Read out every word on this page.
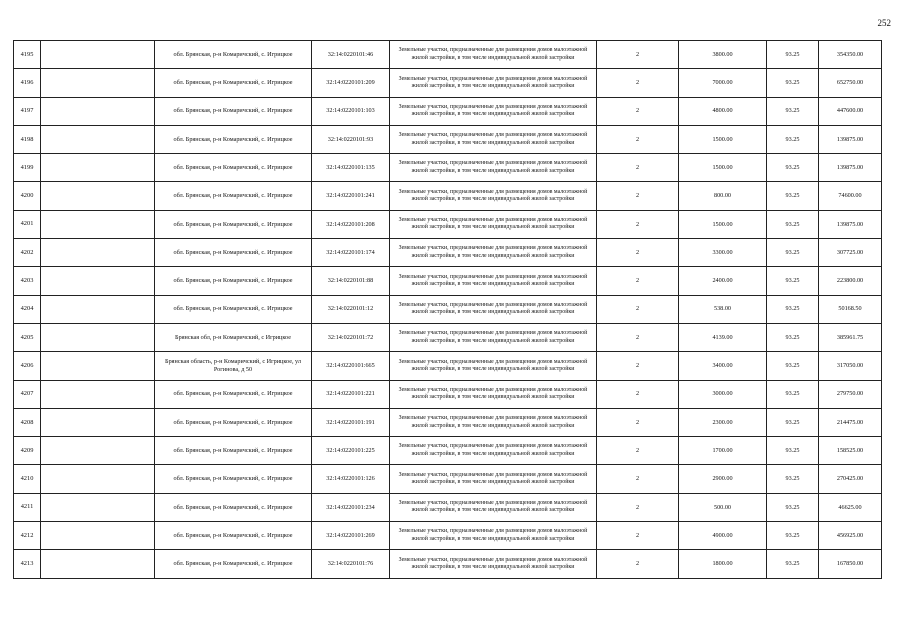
252
4195		обл. Брянская, р-н Комаричский, с. Игрицкое	32:14:0220101:46	Земельные участки, предназначенные для размещения домов малоэтажной жилой застройки, в том числе индивидуальной жилой застройки	2	3800.00	93.25	354350.00
4196		обл. Брянская, р-н Комаричский, с. Игрицкое	32:14:0220101:209	Земельные участки, предназначенные для размещения домов малоэтажной жилой застройки, в том числе индивидуальной жилой застройки	2	7000.00	93.25	652750.00
4197		обл. Брянская, р-н Комаричский, с. Игрицкое	32:14:0220101:103	Земельные участки, предназначенные для размещения домов малоэтажной жилой застройки, в том числе индивидуальной жилой застройки	2	4800.00	93.25	447600.00
4198		обл. Брянская, р-н Комаричский, с. Игрицкое	32:14:0220101:93	Земельные участки, предназначенные для размещения домов малоэтажной жилой застройки, в том числе индивидуальной жилой застройки	2	1500.00	93.25	139875.00
4199		обл. Брянская, р-н Комаричский, с. Игрицкое	32:14:0220101:135	Земельные участки, предназначенные для размещения домов малоэтажной жилой застройки, в том числе индивидуальной жилой застройки	2	1500.00	93.25	139875.00
4200		обл. Брянская, р-н Комаричский, с. Игрицкое	32:14:0220101:241	Земельные участки, предназначенные для размещения домов малоэтажной жилой застройки, в том числе индивидуальной жилой застройки	2	800.00	93.25	74600.00
4201		обл. Брянская, р-н Комаричский, с. Игрицкое	32:14:0220101:208	Земельные участки, предназначенные для размещения домов малоэтажной жилой застройки, в том числе индивидуальной жилой застройки	2	1500.00	93.25	139875.00
4202		обл. Брянская, р-н Комаричский, с. Игрицкое	32:14:0220101:174	Земельные участки, предназначенные для размещения домов малоэтажной жилой застройки, в том числе индивидуальной жилой застройки	2	3300.00	93.25	307725.00
4203		обл. Брянская, р-н Комаричский, с. Игрицкое	32:14:0220101:88	Земельные участки, предназначенные для размещения домов малоэтажной жилой застройки, в том числе индивидуальной жилой застройки	2	2400.00	93.25	223800.00
4204		обл. Брянская, р-н Комаричский, с. Игрицкое	32:14:0220101:12	Земельные участки, предназначенные для размещения домов малоэтажной жилой застройки, в том числе индивидуальной жилой застройки	2	538.00	93.25	50168.50
4205		Брянская обл, р-н Комаричский, с Игрицкое	32:14:0220101:72	Земельные участки, предназначенные для размещения домов малоэтажной жилой застройки, в том числе индивидуальной жилой застройки	2	4139.00	93.25	385961.75
4206		Брянская область, р-н Комаричский, с Игрицкое, ул Рогинова, д 50	32:14:0220101:665	Земельные участки, предназначенные для размещения домов малоэтажной жилой застройки, в том числе индивидуальной жилой застройки	2	3400.00	93.25	317050.00
4207		обл. Брянская, р-н Комаричский, с. Игрицкое	32:14:0220101:221	Земельные участки, предназначенные для размещения домов малоэтажной жилой застройки, в том числе индивидуальной жилой застройки	2	3000.00	93.25	279750.00
4208		обл. Брянская, р-н Комаричский, с. Игрицкое	32:14:0220101:191	Земельные участки, предназначенные для размещения домов малоэтажной жилой застройки, в том числе индивидуальной жилой застройки	2	2300.00	93.25	214475.00
4209		обл. Брянская, р-н Комаричский, с. Игрицкое	32:14:0220101:225	Земельные участки, предназначенные для размещения домов малоэтажной жилой застройки, в том числе индивидуальной жилой застройки	2	1700.00	93.25	158525.00
4210		обл. Брянская, р-н Комаричский, с. Игрицкое	32:14:0220101:126	Земельные участки, предназначенные для размещения домов малоэтажной жилой застройки, в том числе индивидуальной жилой застройки	2	2900.00	93.25	270425.00
4211		обл. Брянская, р-н Комаричский, с. Игрицкое	32:14:0220101:234	Земельные участки, предназначенные для размещения домов малоэтажной жилой застройки, в том числе индивидуальной жилой застройки	2	500.00	93.25	46625.00
4212		обл. Брянская, р-н Комаричский, с. Игрицкое	32:14:0220101:269	Земельные участки, предназначенные для размещения домов малоэтажной жилой застройки, в том числе индивидуальной жилой застройки	2	4900.00	93.25	456925.00
4213		обл. Брянская, р-н Комаричский, с. Игрицкое	32:14:0220101:76	Земельные участки, предназначенные для размещения домов малоэтажной жилой застройки, в том числе индивидуальной жилой застройки	2	1800.00	93.25	167850.00
